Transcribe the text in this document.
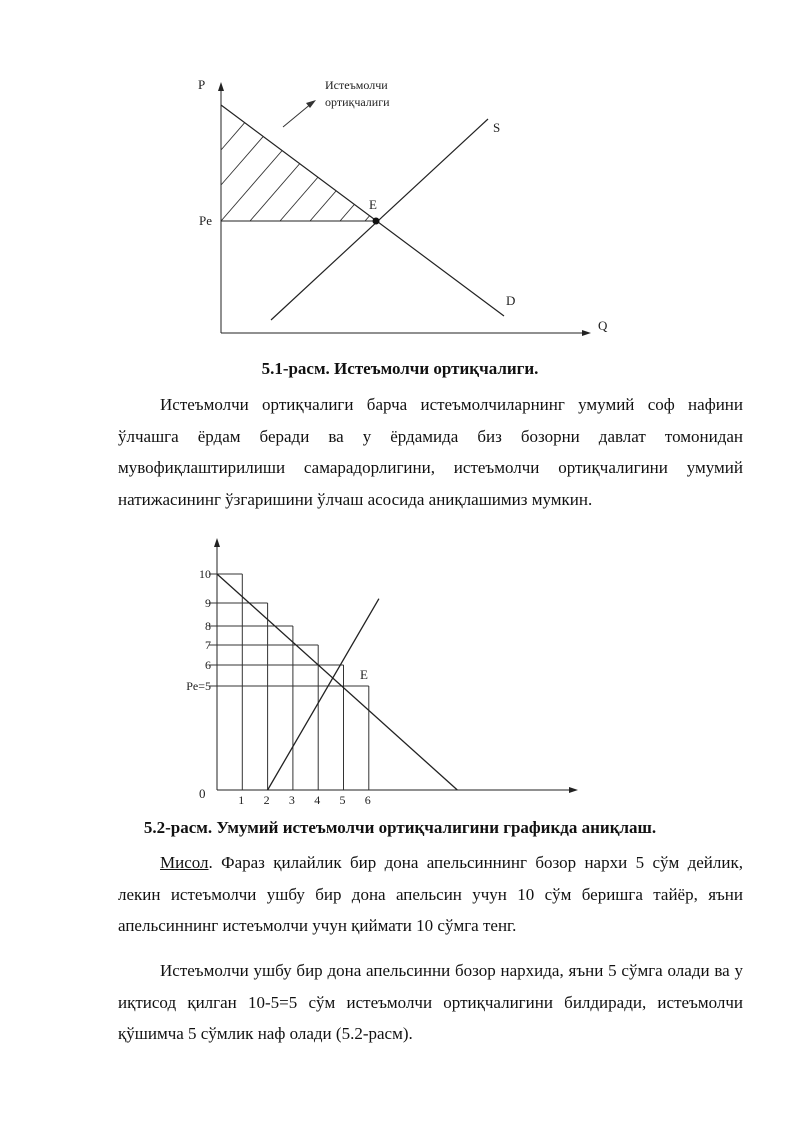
P
Q
Pe
E
S
D
Истеъмолчи
ортиқчалиги
5.1-расм. Истеъмолчи ортиқчалиги.

Истеъмолчи ортиқчалиги барча истеъмолчиларнинг умумий соф нафини ўлчашга ёрдам беради ва у ёрдамида биз бозорни давлат томонидан мувофиқлаштирилиши самарадорлигини, истеъмолчи ортиқчалигини умумий натижасининг ўзгаришини ўлчаш асосида аниқлашимиз мумкин.

1 2 3 4 5 6
10
9
8
7
6
Pe=5
0
E
5.2-расм. Умумий истеъмолчи ортиқчалигини графикда аниқлаш.

Мисол. Фараз қилайлик бир дона апельсиннинг бозор нархи 5 сўм дейлик, лекин истеъмолчи ушбу бир дона апельсин учун 10 сўм беришга тайёр, яъни апельсиннинг истеъмолчи учун қиймати 10 сўмга тенг.

Истеъмолчи ушбу бир дона апельсинни бозор нархида, яъни 5 сўмга олади ва у иқтисод қилган 10-5=5 сўм истеъмолчи ортиқчалигини билдиради, истеъмолчи қўшимча 5 сўмлик наф олади (5.2-расм).
